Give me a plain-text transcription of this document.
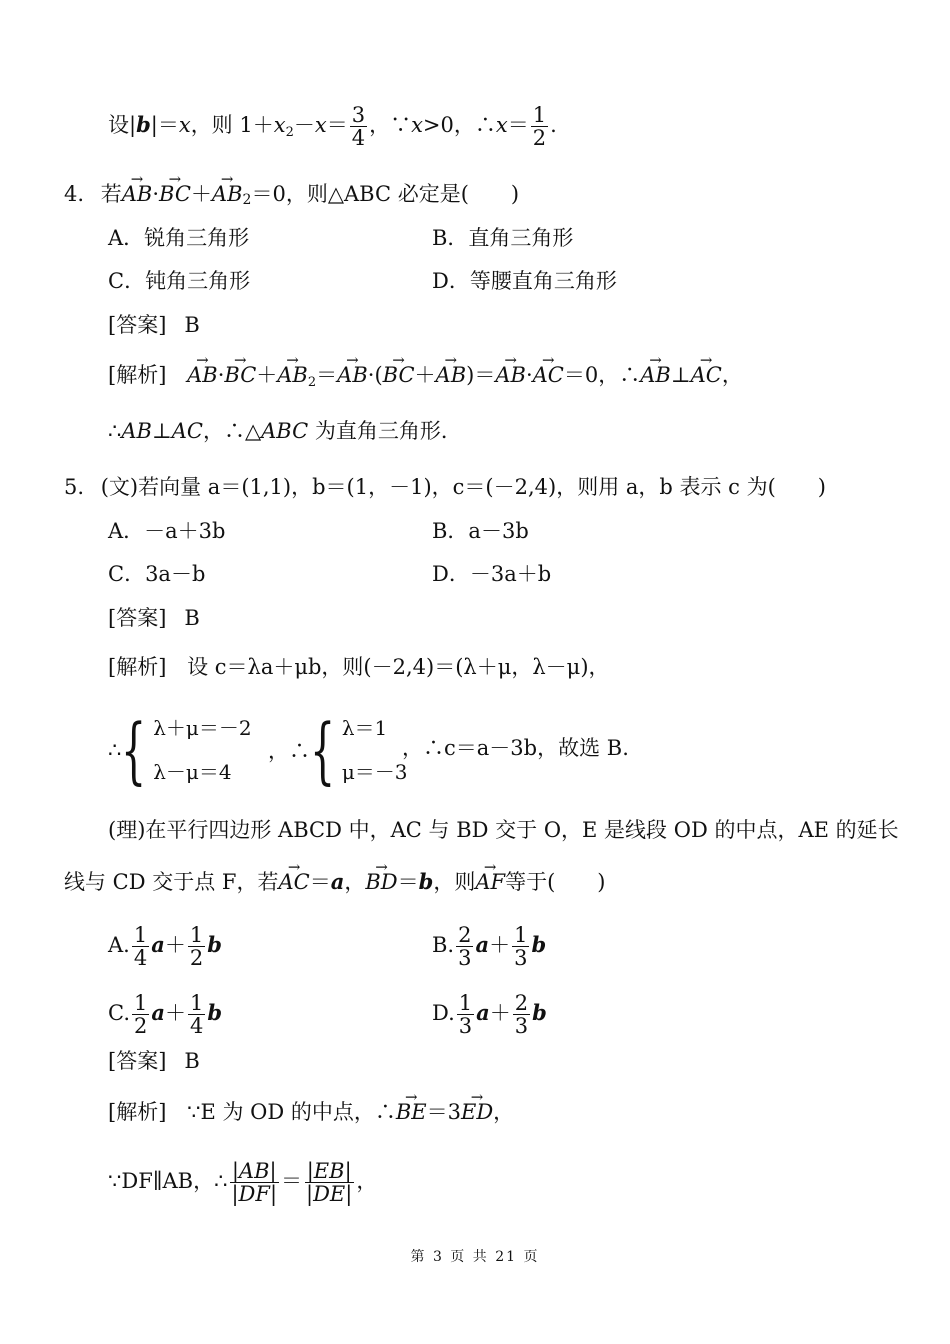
设|b|＝x，则 $1+x_2-x= \frac{3}{4}$ ，∵x>0，∴x＝ $\frac{1}{2}$ .
4. 若→ AB·→ BC＋→ AB2＝0，则△ABC 必定是(　　)
A．锐角三角形	B．直角三角形
C．钝角三角形	D．等腰直角三角形
[答案] B
[解析] → $AB\cdot\to BC+\to AB_2=\to AB\cdot(\to BC+\to AB)=\to AB\cdot\to AC=0$，∴→ AB⊥→ AC，
∴AB⊥AC，∴△ABC 为直角三角形．
5. (文)若向量 a＝(1,1)，b＝(1，－1)，c＝(－2,4)，则用 a，b 表示 c 为(　　)
A．－a＋3b	B．a－3b
C．3a－b	D．－3a＋b
[答案] B
[解析] 设 c＝λa＋μb，则(－2,4)＝(λ＋μ，λ－μ)，
∴ { λ＋μ＝－2
λ－μ＝4
，∴ { λ＝1
μ＝－3
，∴c＝a－3b，故选 B.
(理)在平行四边形 ABCD 中，AC 与 BD 交于 O，E 是线段 OD 的中点，AE 的延长
线与 CD 交于点 F，若→ AC＝a，→ BD＝b，则→ AF等于(　　)
A. $\frac{1}{4} a+ \frac{1}{2}$ b	B. $\frac{2}{3} a+ \frac{1}{3}$ b
C. $\frac{1}{2} a+ \frac{1}{4}$ b	D. $\frac{1}{3} a+ \frac{2}{3}$ b
[答案] B
[解析] ∵E 为 OD 的中点，∴→ BE＝3→ ED，
∵DF∥AB，∴ $\frac{|AB|}{|DF|} = \frac{|EB|}{|DE|}$ ，
第 3 页 共 21 页
